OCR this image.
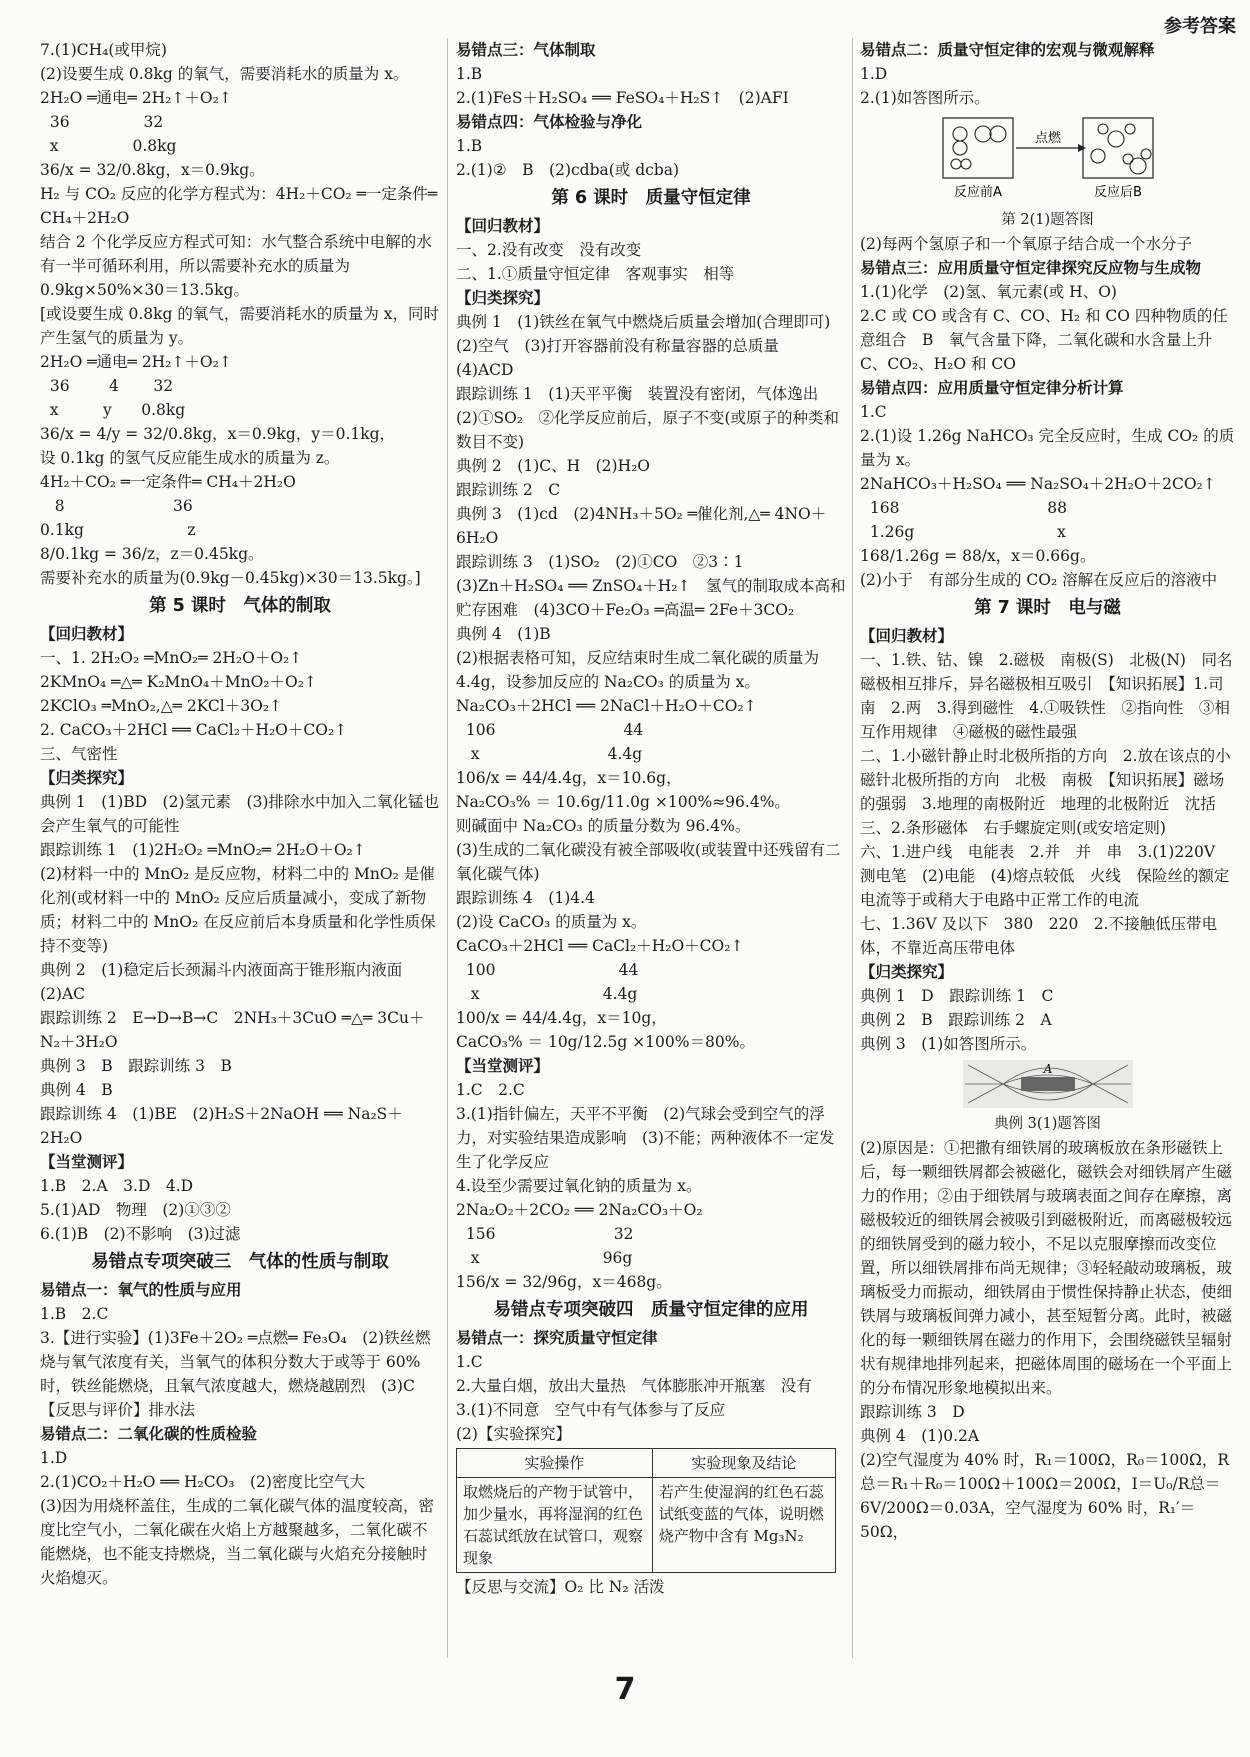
参考答案

7.(1)CH₄(或甲烷)

(2)设要生成 0.8kg 的氧气，需要消耗水的质量为 x。

2H₂O ═通电═ 2H₂↑＋O₂↑

36               32

x               0.8kg

36/x = 32/0.8kg，x＝0.9kg。

H₂ 与 CO₂ 反应的化学方程式为：4H₂＋CO₂ ═一定条件═ CH₄＋2H₂O

结合 2 个化学反应方程式可知：水气整合系统中电解的水有一半可循环利用，所以需要补充水的质量为 0.9kg×50%×30＝13.5kg。

[或设要生成 0.8kg 的氧气，需要消耗水的质量为 x，同时产生氢气的质量为 y。

2H₂O ═通电═ 2H₂↑＋O₂↑

36        4       32

x         y      0.8kg

36/x = 4/y = 32/0.8kg，x＝0.9kg，y＝0.1kg，

设 0.1kg 的氢气反应能生成水的质量为 z。

4H₂＋CO₂ ═一定条件═ CH₄＋2H₂O

8                      36

0.1kg                     z

8/0.1kg = 36/z，z＝0.45kg。

需要补充水的质量为(0.9kg－0.45kg)×30＝13.5kg。]

第 5 课时　气体的制取

【回归教材】

一、1. 2H₂O₂ ═MnO₂═ 2H₂O＋O₂↑

2KMnO₄ ═△═ K₂MnO₄＋MnO₂＋O₂↑

2KClO₃ ═MnO₂,△═ 2KCl＋3O₂↑

2. CaCO₃＋2HCl ══ CaCl₂＋H₂O＋CO₂↑

三、气密性

【归类探究】

典例 1　(1)BD　(2)氢元素　(3)排除水中加入二氧化锰也会产生氧气的可能性

跟踪训练 1　(1)2H₂O₂ ═MnO₂═ 2H₂O＋O₂↑

(2)材料一中的 MnO₂ 是反应物，材料二中的 MnO₂ 是催化剂(或材料一中的 MnO₂ 反应后质量减小，变成了新物质；材料二中的 MnO₂ 在反应前后本身质量和化学性质保持不变等)

典例 2　(1)稳定后长颈漏斗内液面高于锥形瓶内液面　(2)AC

跟踪训练 2　E→D→B→C　2NH₃＋3CuO ═△═ 3Cu＋N₂＋3H₂O

典例 3　B　跟踪训练 3　B

典例 4　B

跟踪训练 4　(1)BE　(2)H₂S＋2NaOH ══ Na₂S＋2H₂O

【当堂测评】

1.B　2.A　3.D　4.D

5.(1)AD　物理　(2)①③②

6.(1)B　(2)不影响　(3)过滤

易错点专项突破三　气体的性质与制取

易错点一：氧气的性质与应用

1.B　2.C

3.【进行实验】(1)3Fe＋2O₂ ═点燃═ Fe₃O₄　(2)铁丝燃烧与氧气浓度有关，当氧气的体积分数大于或等于 60% 时，铁丝能燃烧，且氧气浓度越大，燃烧越剧烈　(3)C　【反思与评价】排水法

易错点二：二氧化碳的性质检验

1.D

2.(1)CO₂＋H₂O ══ H₂CO₃　(2)密度比空气大

(3)因为用烧杯盖住，生成的二氧化碳气体的温度较高，密度比空气小，二氧化碳在火焰上方越聚越多，二氧化碳不能燃烧，也不能支持燃烧，当二氧化碳与火焰充分接触时火焰熄灭。

易错点三：气体制取

1.B

2.(1)FeS＋H₂SO₄ ══ FeSO₄＋H₂S↑　(2)AFI

易错点四：气体检验与净化

1.B

2.(1)②　B　(2)cdba(或 dcba)

第 6 课时　质量守恒定律

【回归教材】

一、2.没有改变　没有改变

二、1.①质量守恒定律　客观事实　相等

【归类探究】

典例 1　(1)铁丝在氧气中燃烧后质量会增加(合理即可)　(2)空气　(3)打开容器前没有称量容器的总质量　(4)ACD

跟踪训练 1　(1)天平平衡　装置没有密闭，气体逸出　(2)①SO₂　②化学反应前后，原子不变(或原子的种类和数目不变)

典例 2　(1)C、H　(2)H₂O

跟踪训练 2　C

典例 3　(1)cd　(2)4NH₃＋5O₂ ═催化剂,△═ 4NO＋6H₂O

跟踪训练 3　(1)SO₂　(2)①CO　②3∶1

(3)Zn＋H₂SO₄ ══ ZnSO₄＋H₂↑　氢气的制取成本高和贮存困难　(4)3CO＋Fe₂O₃ ═高温═ 2Fe＋3CO₂

典例 4　(1)B

(2)根据表格可知，反应结束时生成二氧化碳的质量为 4.4g，设参加反应的 Na₂CO₃ 的质量为 x。

Na₂CO₃＋2HCl ══ 2NaCl＋H₂O＋CO₂↑

106                          44

x                          4.4g

106/x = 44/4.4g，x＝10.6g，

Na₂CO₃% ＝ 10.6g/11.0g ×100%≈96.4%。

则碱面中 Na₂CO₃ 的质量分数为 96.4%。

(3)生成的二氧化碳没有被全部吸收(或装置中还残留有二氧化碳气体)

跟踪训练 4　(1)4.4

(2)设 CaCO₃ 的质量为 x。

CaCO₃＋2HCl ══ CaCl₂＋H₂O＋CO₂↑

100                         44

x                         4.4g

100/x = 44/4.4g，x＝10g，

CaCO₃% ＝ 10g/12.5g ×100%＝80%。

【当堂测评】

1.C　2.C

3.(1)指针偏左，天平不平衡　(2)气球会受到空气的浮力，对实验结果造成影响　(3)不能；两种液体不一定发生了化学反应

4.设至少需要过氧化钠的质量为 x。

2Na₂O₂＋2CO₂ ══ 2Na₂CO₃＋O₂

156                        32

x                         96g

156/x = 32/96g，x＝468g。

易错点专项突破四　质量守恒定律的应用

易错点一：探究质量守恒定律

1.C

2.大量白烟，放出大量热　气体膨胀冲开瓶塞　没有

3.(1)不同意　空气中有气体参与了反应

(2)【实验探究】

实验操作	实验现象及结论
取燃烧后的产物于试管中，加少量水，再将湿润的红色石蕊试纸放在试管口，观察现象	若产生使湿润的红色石蕊试纸变蓝的气体，说明燃烧产物中含有 Mg₃N₂

【反思与交流】O₂ 比 N₂ 活泼

易错点二：质量守恒定律的宏观与微观解释

1.D

2.(1)如答图所示。

点燃
反应前A	反应后B

第 2(1)题答图

(2)每两个氢原子和一个氧原子结合成一个水分子

易错点三：应用质量守恒定律探究反应物与生成物

1.(1)化学　(2)氢、氧元素(或 H、O)

2.C 或 CO 或含有 C、CO、H₂ 和 CO 四种物质的任意组合　B　氧气含量下降，二氧化碳和水含量上升　C、CO₂、H₂O 和 CO

易错点四：应用质量守恒定律分析计算

1.C

2.(1)设 1.26g NaHCO₃ 完全反应时，生成 CO₂ 的质量为 x。

2NaHCO₃＋H₂SO₄ ══ Na₂SO₄＋2H₂O＋2CO₂↑

168                              88

1.26g                             x

168/1.26g = 88/x，x＝0.66g。

(2)小于　有部分生成的 CO₂ 溶解在反应后的溶液中

第 7 课时　电与磁

【回归教材】

一、1.铁、钴、镍　2.磁极　南极(S)　北极(N)　同名磁极相互排斥，异名磁极相互吸引　【知识拓展】1.司南　2.两　3.得到磁性　4.①吸铁性　②指向性　③相互作用规律　④磁极的磁性最强

二、1.小磁针静止时北极所指的方向　2.放在该点的小磁针北极所指的方向　北极　南极　【知识拓展】磁场的强弱　3.地理的南极附近　地理的北极附近　沈括

三、2.条形磁体　右手螺旋定则(或安培定则)

六、1.进户线　电能表　2.并　并　串　3.(1)220V　测电笔　(2)电能　(4)熔点较低　火线　保险丝的额定电流等于或稍大于电路中正常工作的电流

七、1.36V 及以下　380　220　2.不接触低压带电体，不靠近高压带电体

【归类探究】

典例 1　D　跟踪训练 1　C

典例 2　B　跟踪训练 2　A

典例 3　(1)如答图所示。

A

典例 3(1)题答图

(2)原因是：①把撒有细铁屑的玻璃板放在条形磁铁上后，每一颗细铁屑都会被磁化，磁铁会对细铁屑产生磁力的作用；②由于细铁屑与玻璃表面之间存在摩擦，离磁极较近的细铁屑会被吸引到磁极附近，而离磁极较远的细铁屑受到的磁力较小，不足以克服摩擦而改变位置，所以细铁屑排布尚无规律；③轻轻敲动玻璃板，玻璃板受力而振动，细铁屑由于惯性保持静止状态，使细铁屑与玻璃板间弹力减小，甚至短暂分离。此时，被磁化的每一颗细铁屑在磁力的作用下，会围绕磁铁呈辐射状有规律地排列起来，把磁体周围的磁场在一个平面上的分布情况形象地模拟出来。

跟踪训练 3　D

典例 4　(1)0.2A

(2)空气湿度为 40% 时，R₁＝100Ω，R₀＝100Ω，R总＝R₁＋R₀＝100Ω＋100Ω＝200Ω，I＝U₀/R总＝6V/200Ω＝0.03A，空气湿度为 60% 时，R₁′＝50Ω，

7
